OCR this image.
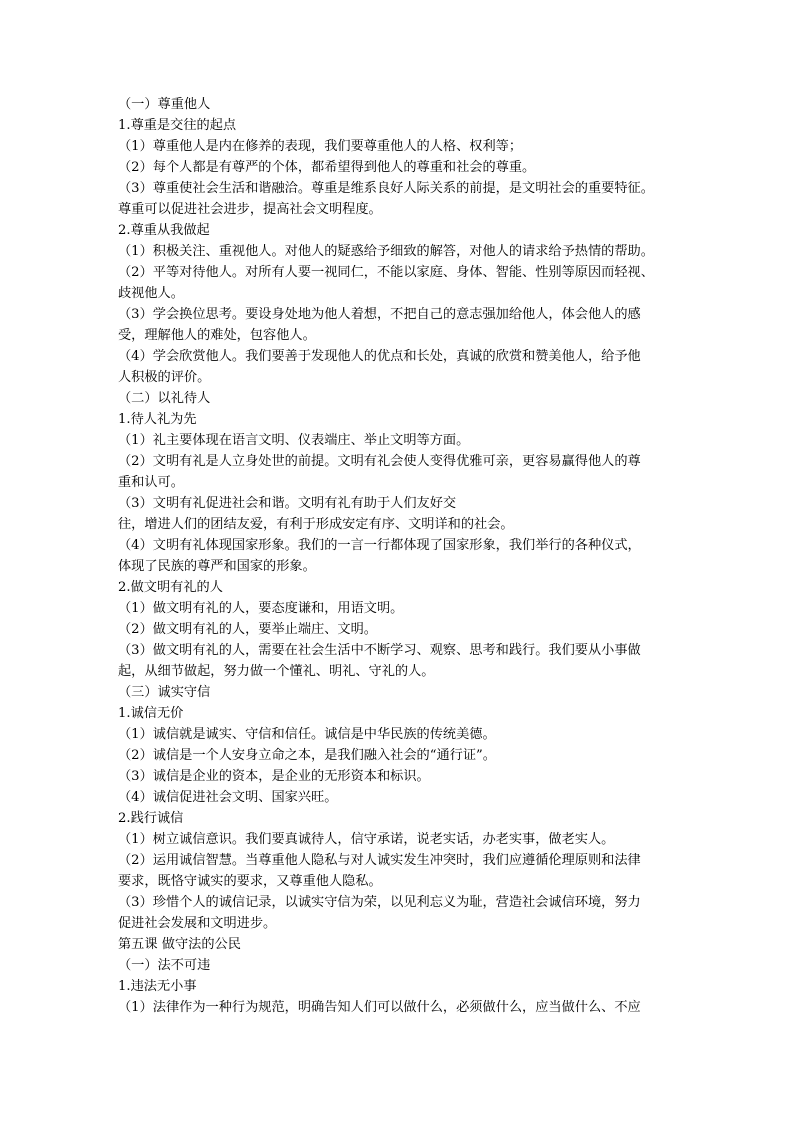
（一）尊重他人
1.尊重是交往的起点
（1）尊重他人是内在修养的表现，我们要尊重他人的人格、权利等；
（2）每个人都是有尊严的个体，都希望得到他人的尊重和社会的尊重。
（3）尊重使社会生活和谐融洽。尊重是维系良好人际关系的前提，是文明社会的重要特征。
尊重可以促进社会进步，提高社会文明程度。
2.尊重从我做起
（1）积极关注、重视他人。对他人的疑惑给予细致的解答，对他人的请求给予热情的帮助。
（2）平等对待他人。对所有人要一视同仁，不能以家庭、身体、智能、性别等原因而轻视、
歧视他人。
（3）学会换位思考。要设身处地为他人着想，不把自己的意志强加给他人，体会他人的感
受，理解他人的难处，包容他人。
（4）学会欣赏他人。我们要善于发现他人的优点和长处，真诚的欣赏和赞美他人，给予他
人积极的评价。
（二）以礼待人
1.待人礼为先
（1）礼主要体现在语言文明、仪表端庄、举止文明等方面。
（2）文明有礼是人立身处世的前提。文明有礼会使人变得优雅可亲，更容易赢得他人的尊
重和认可。
（3）文明有礼促进社会和谐。文明有礼有助于人们友好交
往，增进人们的团结友爱，有利于形成安定有序、文明详和的社会。
（4）文明有礼体现国家形象。我们的一言一行都体现了国家形象，我们举行的各种仪式，
体现了民族的尊严和国家的形象。
2.做文明有礼的人
（1）做文明有礼的人，要态度谦和，用语文明。
（2）做文明有礼的人，要举止端庄、文明。
（3）做文明有礼的人，需要在社会生活中不断学习、观察、思考和践行。我们要从小事做
起，从细节做起，努力做一个懂礼、明礼、守礼的人。
（三）诚实守信
1.诚信无价
（1）诚信就是诚实、守信和信任。诚信是中华民族的传统美德。
（2）诚信是一个人安身立命之本，是我们融入社会的“通行证”。
（3）诚信是企业的资本，是企业的无形资本和标识。
（4）诚信促进社会文明、国家兴旺。
2.践行诚信
（1）树立诚信意识。我们要真诚待人，信守承诺，说老实话，办老实事，做老实人。
（2）运用诚信智慧。当尊重他人隐私与对人诚实发生冲突时，我们应遵循伦理原则和法律
要求，既恪守诚实的要求，又尊重他人隐私。
（3）珍惜个人的诚信记录，以诚实守信为荣，以见利忘义为耻，营造社会诚信环境，努力
促进社会发展和文明进步。
第五课 做守法的公民
（一）法不可违
1.违法无小事
（1）法律作为一种行为规范，明确告知人们可以做什么，必须做什么，应当做什么、不应
